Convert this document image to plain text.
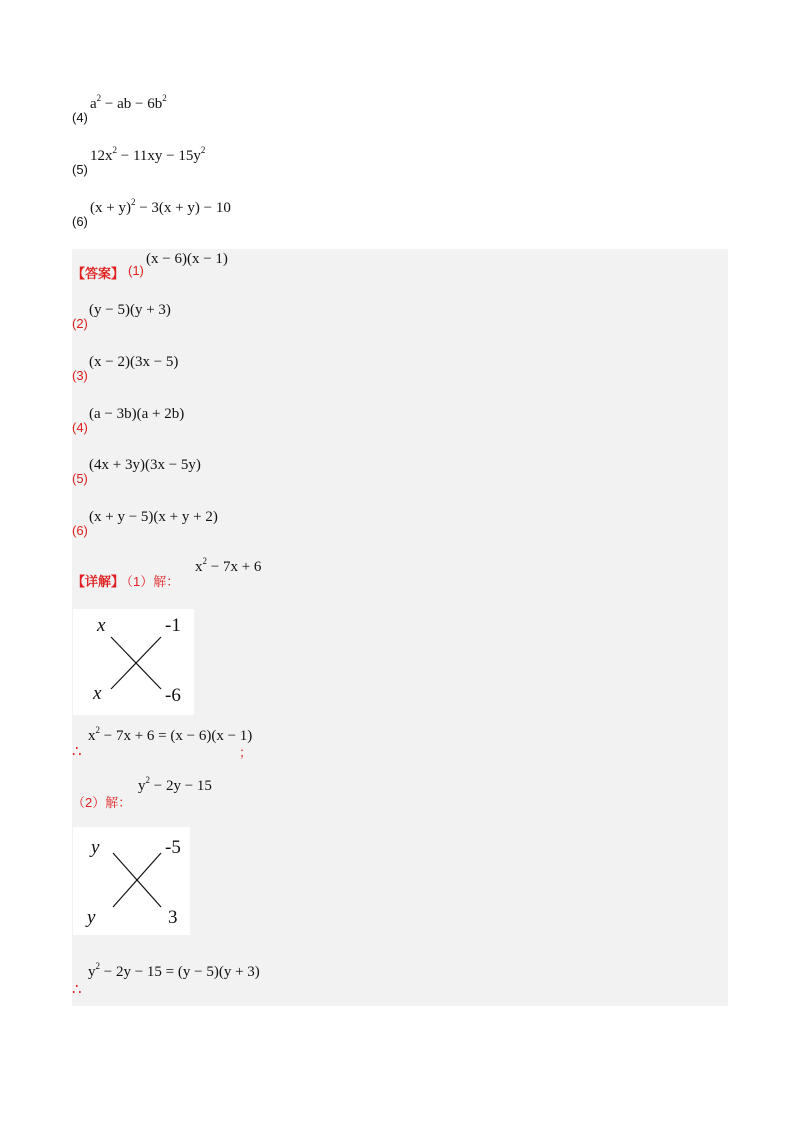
(4)
$a^2$ − ab − $6b^2$
(5)
$12x^2 - 11xy - 15y^2$
(6)
$(x + y)^2 - 3(x + y) - 10$
【答案】 (1)
(x − 6)(x − 1)
(2)
(y − 5)(y + 3)
(3)
(x − 2)(3x − 5)
(4)
(a − 3b)(a + 2b)
(5)
(4x + 3y)(3x − 5y)
(6)
(x + y − 5)(x + y + 2)
【详解】
（1）解：
$x^2 - 7x + 6$
x
x
-1
-6
∴
$x^2 - 7x + 6 = (x - 6)(x - 1)$
；
（2）解：
$y^2 - 2y - 15$
y
y
-5
3
∴
$y^2 - 2y - 15 = (y - 5)(y + 3)$
